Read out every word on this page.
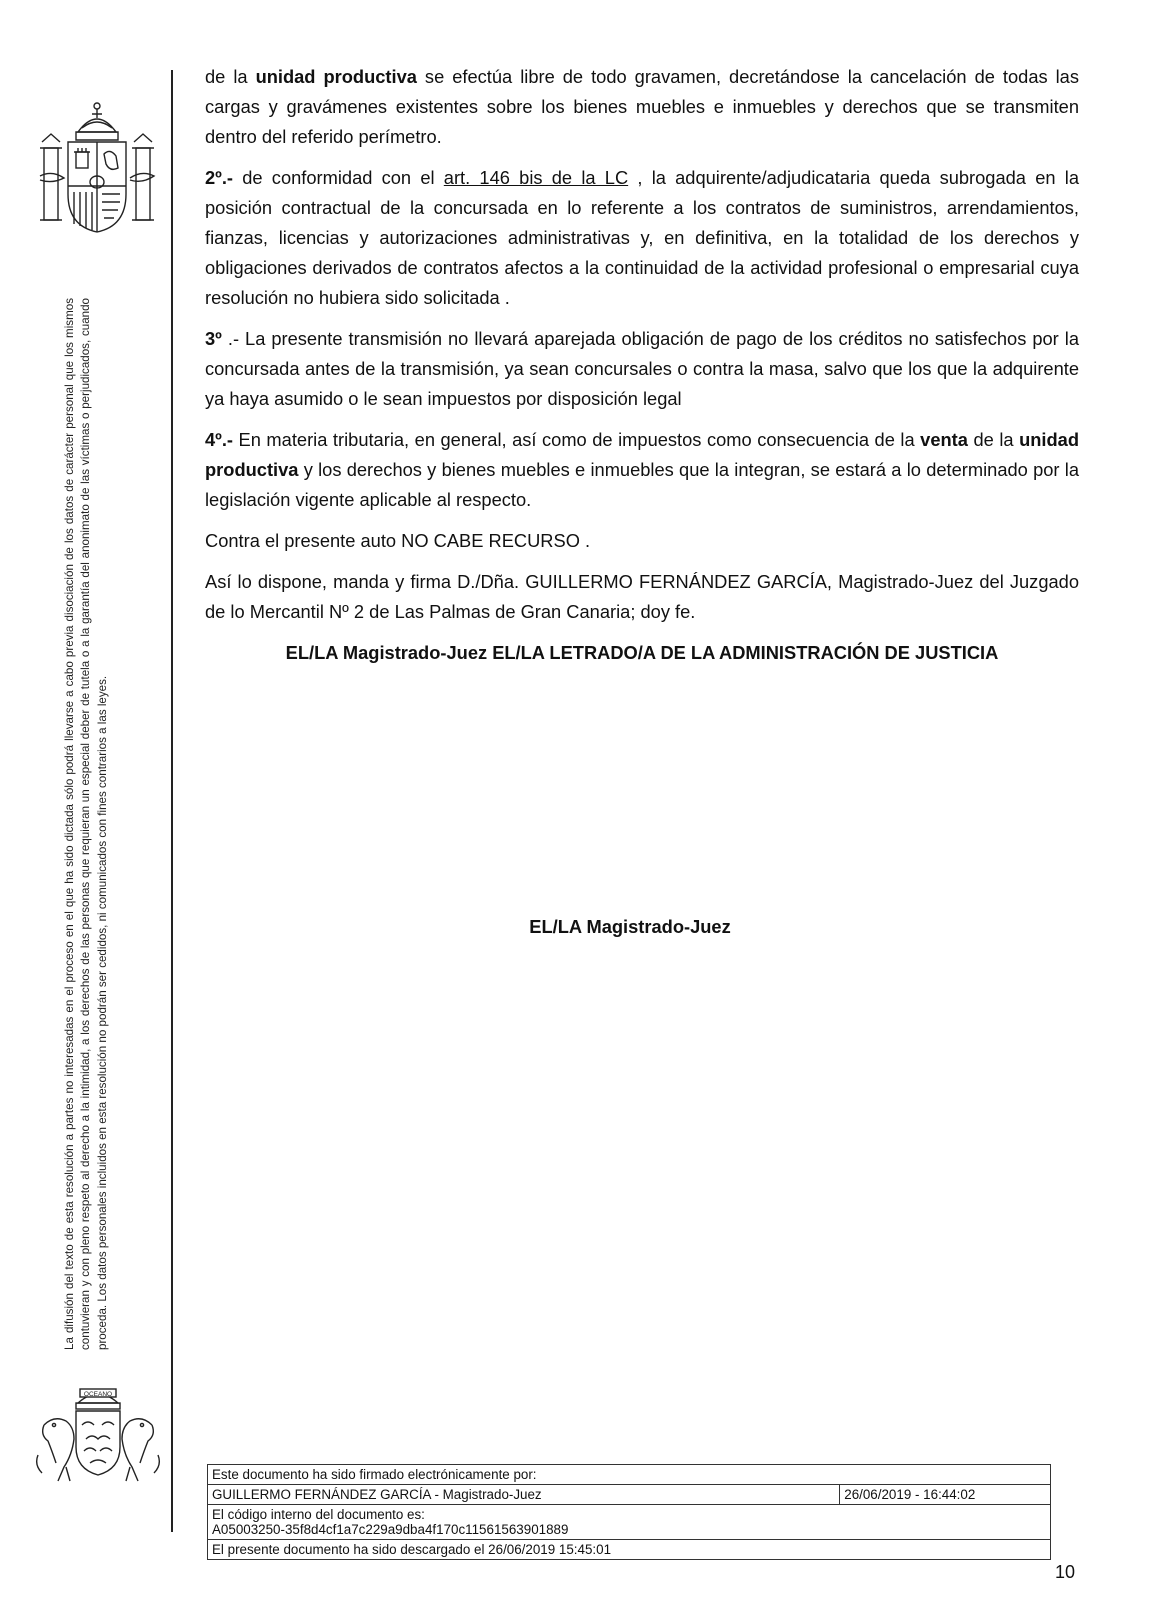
La difusión del texto de esta resolución a partes no interesadas en el proceso en el que ha sido dictada sólo podrá llevarse a cabo previa disociación de los datos de carácter personal que los mismos contuvieran y con pleno respeto al derecho a la intimidad, a los derechos de las personas que requieran un especial deber de tutela o a la garantía del anonimato de las víctimas o perjudicados, cuando proceda. Los datos personales incluidos en esta resolución no podrán ser cedidos, ni comunicados con fines contrarios a las leyes.
OCEANO

de la unidad productiva se efectúa libre de todo gravamen, decretándose la cancelación de todas las cargas y gravámenes existentes sobre los bienes muebles e inmuebles y derechos que se transmiten dentro del referido perímetro.

2º.- de conformidad con el art. 146 bis de la LC , la adquirente/adjudicataria queda subrogada en la posición contractual de la concursada en lo referente a los contratos de suministros, arrendamientos, fianzas, licencias y autorizaciones administrativas y, en definitiva, en la totalidad de los derechos y obligaciones derivados de contratos afectos a la continuidad de la actividad profesional o empresarial cuya resolución no hubiera sido solicitada .

3º .- La presente transmisión no llevará aparejada obligación de pago de los créditos no satisfechos por la concursada antes de la transmisión, ya sean concursales o contra la masa, salvo que los que la adquirente ya haya asumido o le sean impuestos por disposición legal

4º.- En materia tributaria, en general, así como de impuestos como consecuencia de la venta de la unidad productiva y los derechos y bienes muebles e inmuebles que la integran, se estará a lo determinado por la legislación vigente aplicable al respecto.

Contra el presente auto NO CABE RECURSO .

Así lo dispone, manda y firma D./Dña. GUILLERMO FERNÁNDEZ GARCÍA, Magistrado-Juez del Juzgado de lo Mercantil Nº 2 de Las Palmas de Gran Canaria; doy fe.

EL/LA Magistrado-Juez EL/LA LETRADO/A DE LA ADMINISTRACIÓN DE JUSTICIA
EL/LA Magistrado-Juez
Este documento ha sido firmado electrónicamente por:
GUILLERMO FERNÁNDEZ GARCÍA - Magistrado-Juez	26/06/2019 - 16:44:02

El código interno del documento es:
A05003250-35f8d4cf1a7c229a9dba4f170c11561563901889

El presente documento ha sido descargado el 26/06/2019 15:45:01
10
